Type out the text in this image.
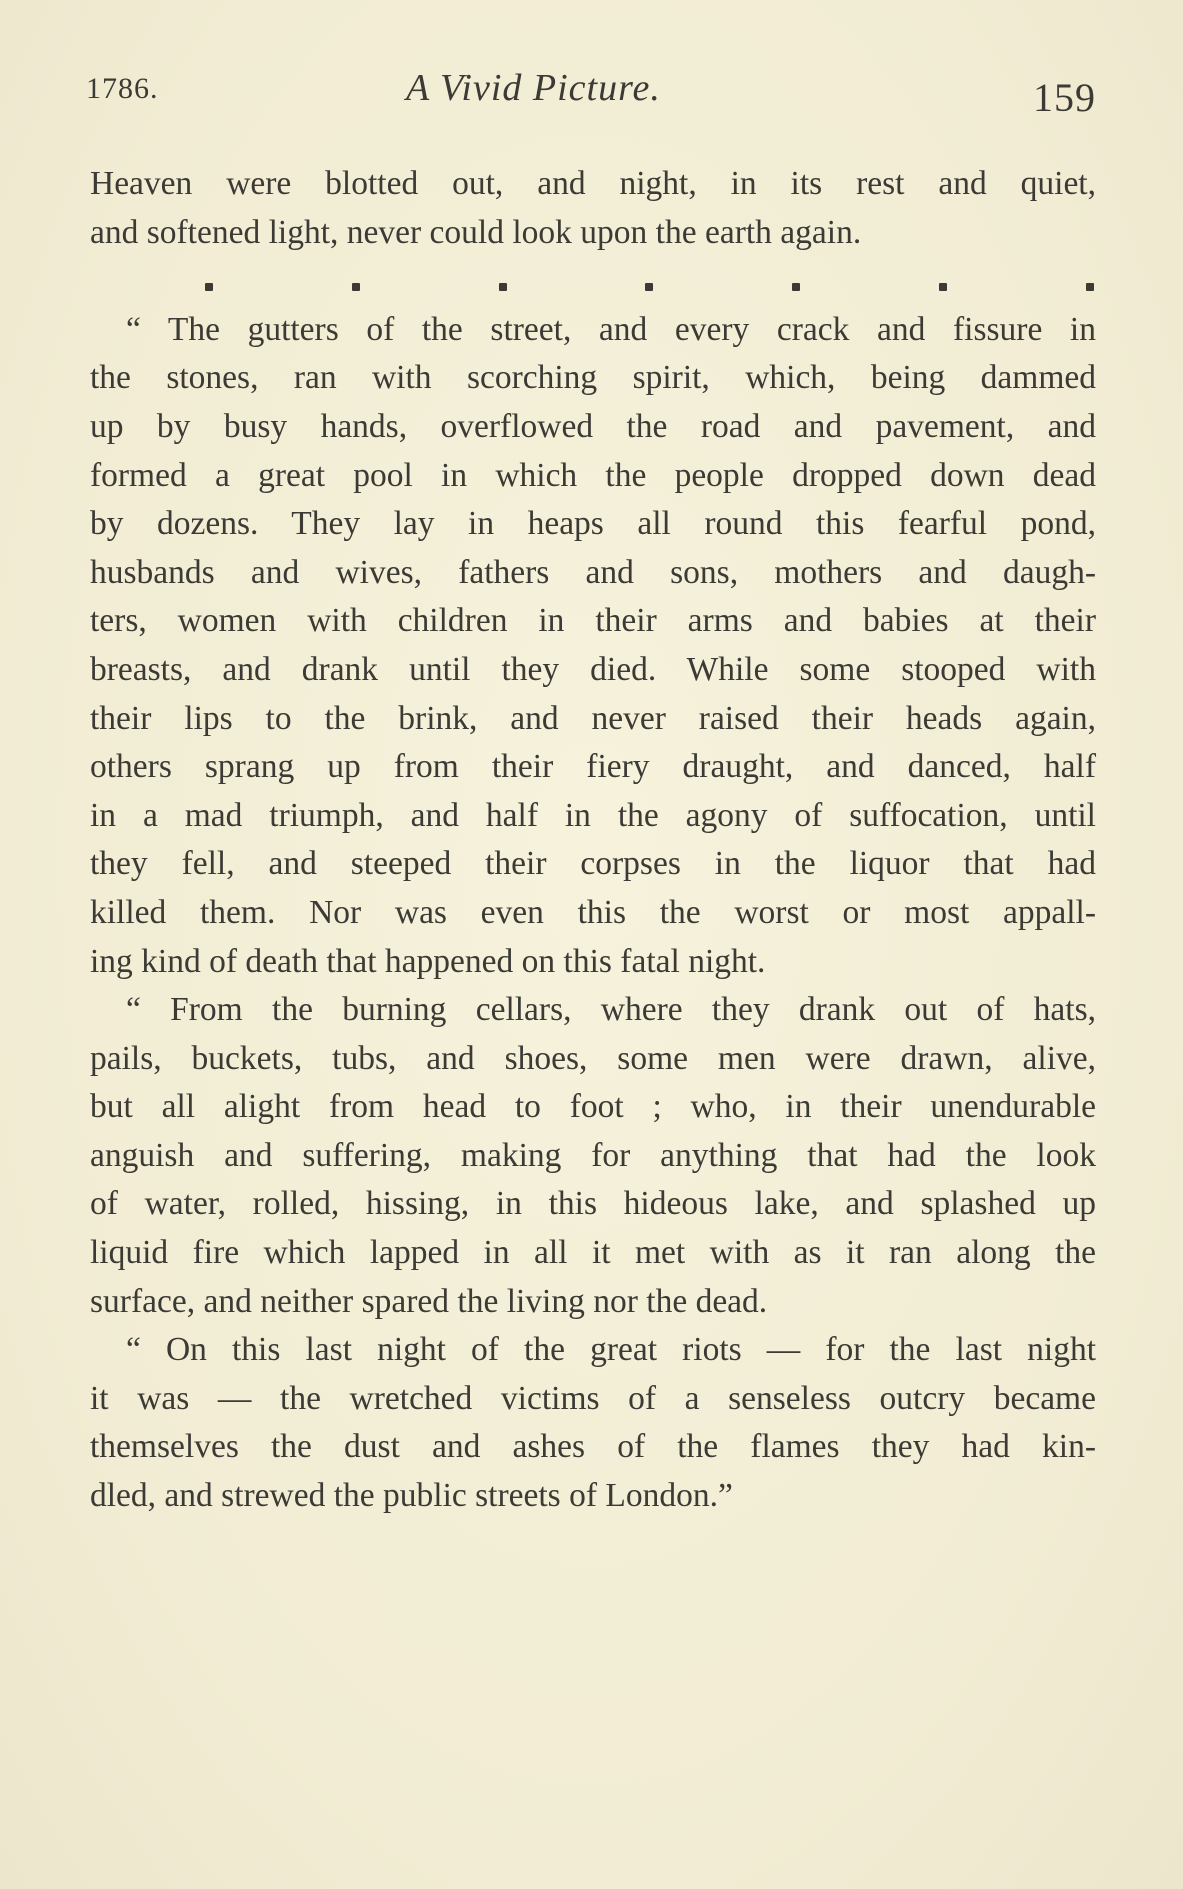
1786.	A Vivid Picture.	159
Heaven were blotted out, and night, in its rest and quiet,
and softened light, never could look upon the earth again.
“ The gutters of the street, and every crack and fissure in
the stones, ran with scorching spirit, which, being dammed
up by busy hands, overflowed the road and pavement, and
formed a great pool in which the people dropped down dead
by dozens. They lay in heaps all round this fearful pond,
husbands and wives, fathers and sons, mothers and daugh-
ters, women with children in their arms and babies at their
breasts, and drank until they died. While some stooped with
their lips to the brink, and never raised their heads again,
others sprang up from their fiery draught, and danced, half
in a mad triumph, and half in the agony of suffocation, until
they fell, and steeped their corpses in the liquor that had
killed them. Nor was even this the worst or most appall-
ing kind of death that happened on this fatal night.
“ From the burning cellars, where they drank out of hats,
pails, buckets, tubs, and shoes, some men were drawn, alive,
but all alight from head to foot ; who, in their unendurable
anguish and suffering, making for anything that had the look
of water, rolled, hissing, in this hideous lake, and splashed up
liquid fire which lapped in all it met with as it ran along the
surface, and neither spared the living nor the dead.
“ On this last night of the great riots — for the last night
it was — the wretched victims of a senseless outcry became
themselves the dust and ashes of the flames they had kin-
dled, and strewed the public streets of London.”
